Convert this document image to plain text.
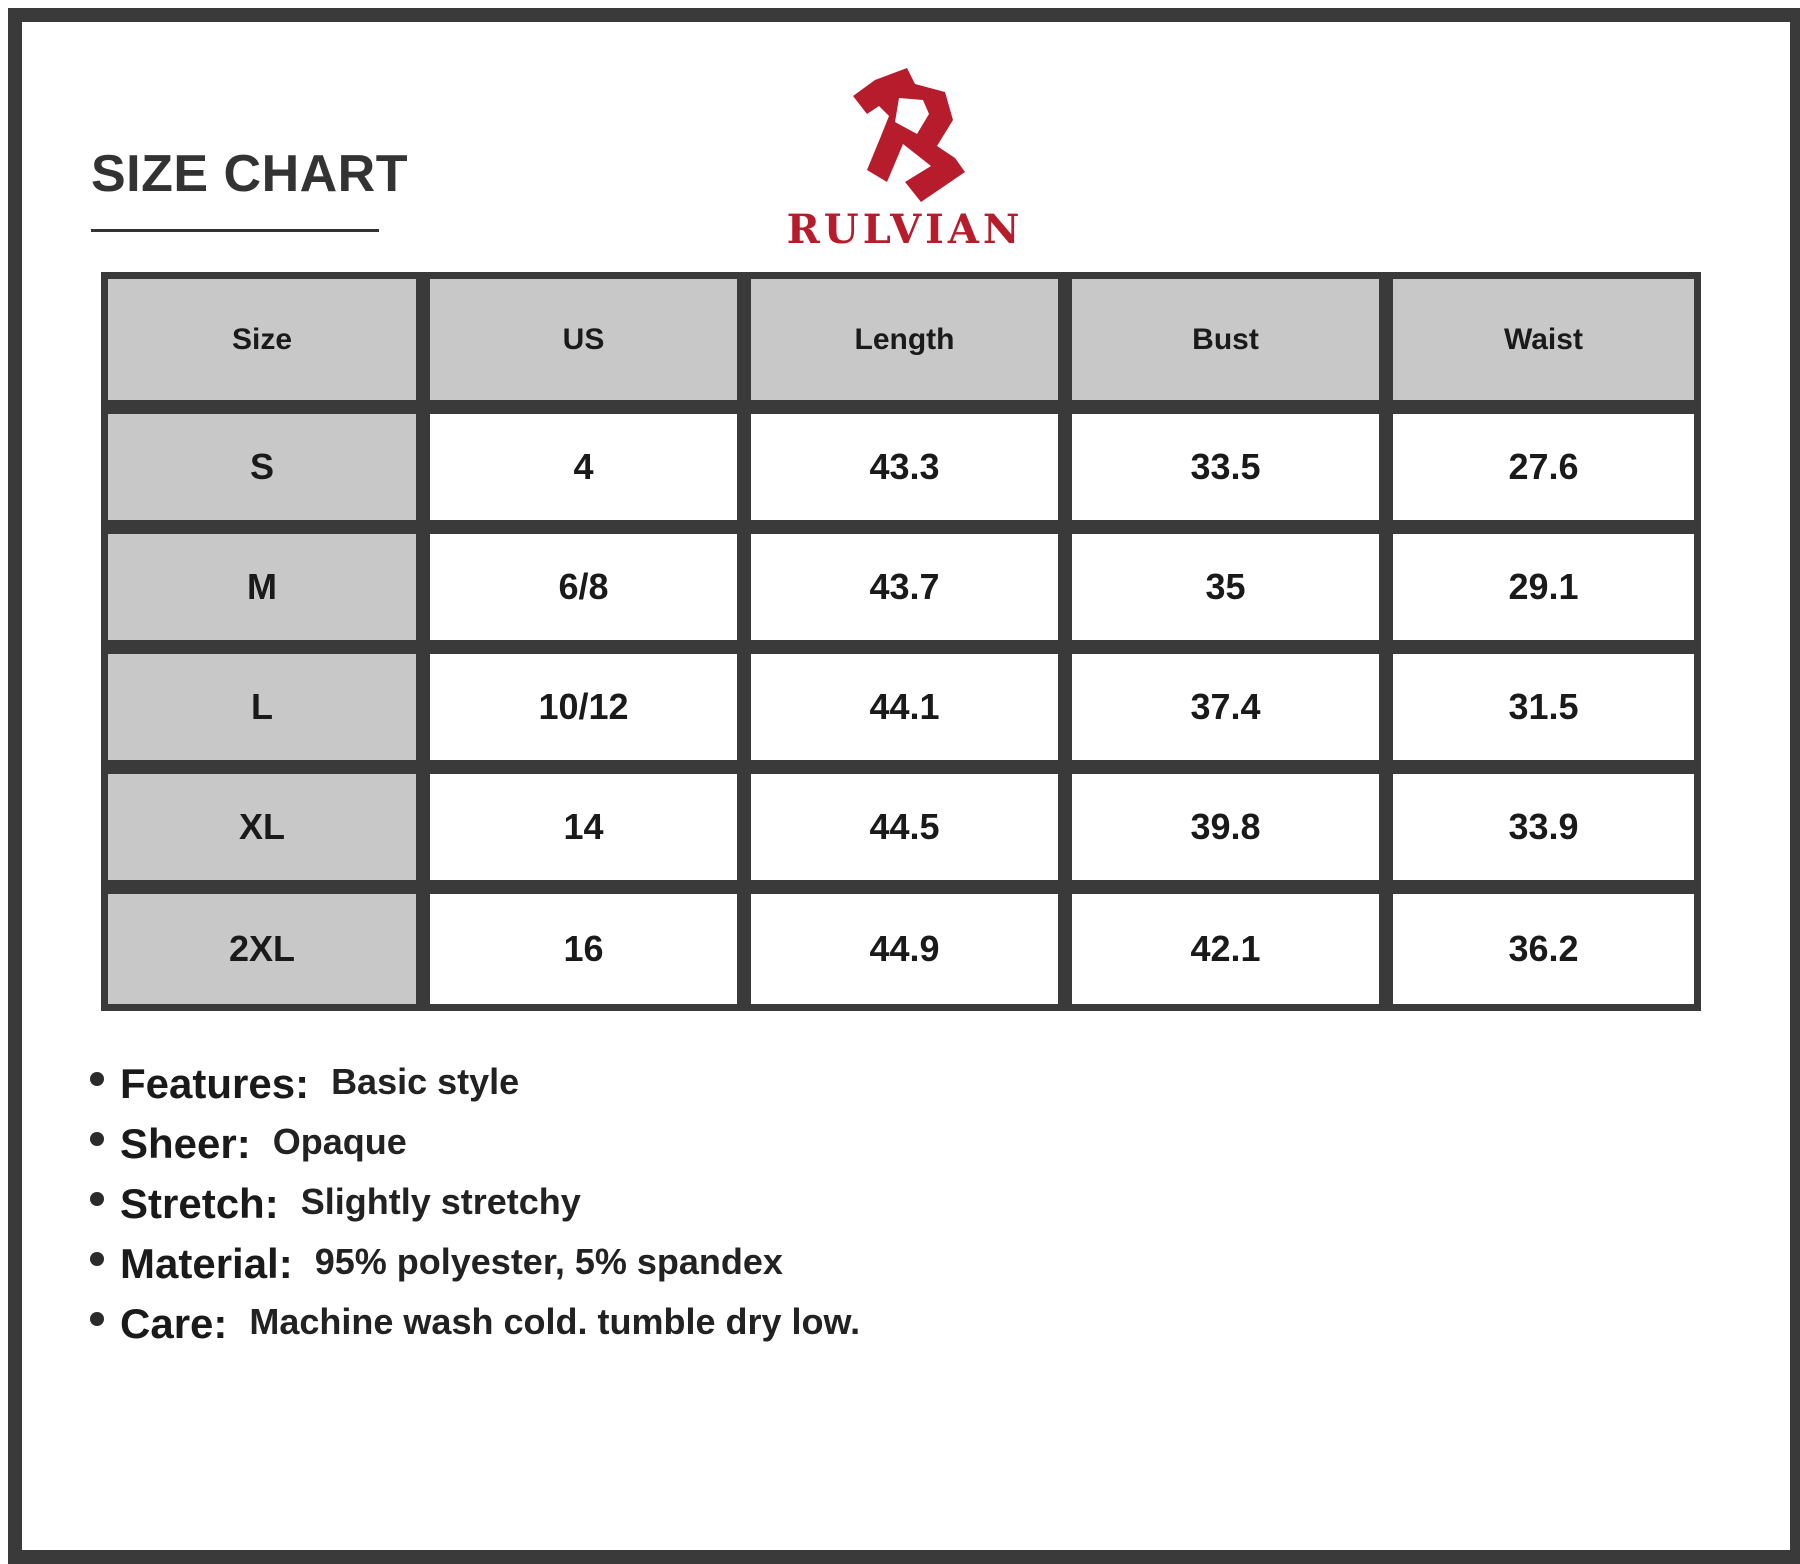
SIZE CHART
RULVIAN
Size	US	Length	Bust	Waist
S	4	43.3	33.5	27.6
M	6/8	43.7	35	29.1
L	10/12	44.1	37.4	31.5
XL	14	44.5	39.8	33.9
2XL	16	44.9	42.1	36.2
Features: Basic style
Sheer: Opaque
Stretch: Slightly stretchy
Material: 95% polyester, 5% spandex
Care: Machine wash cold. tumble dry low.
